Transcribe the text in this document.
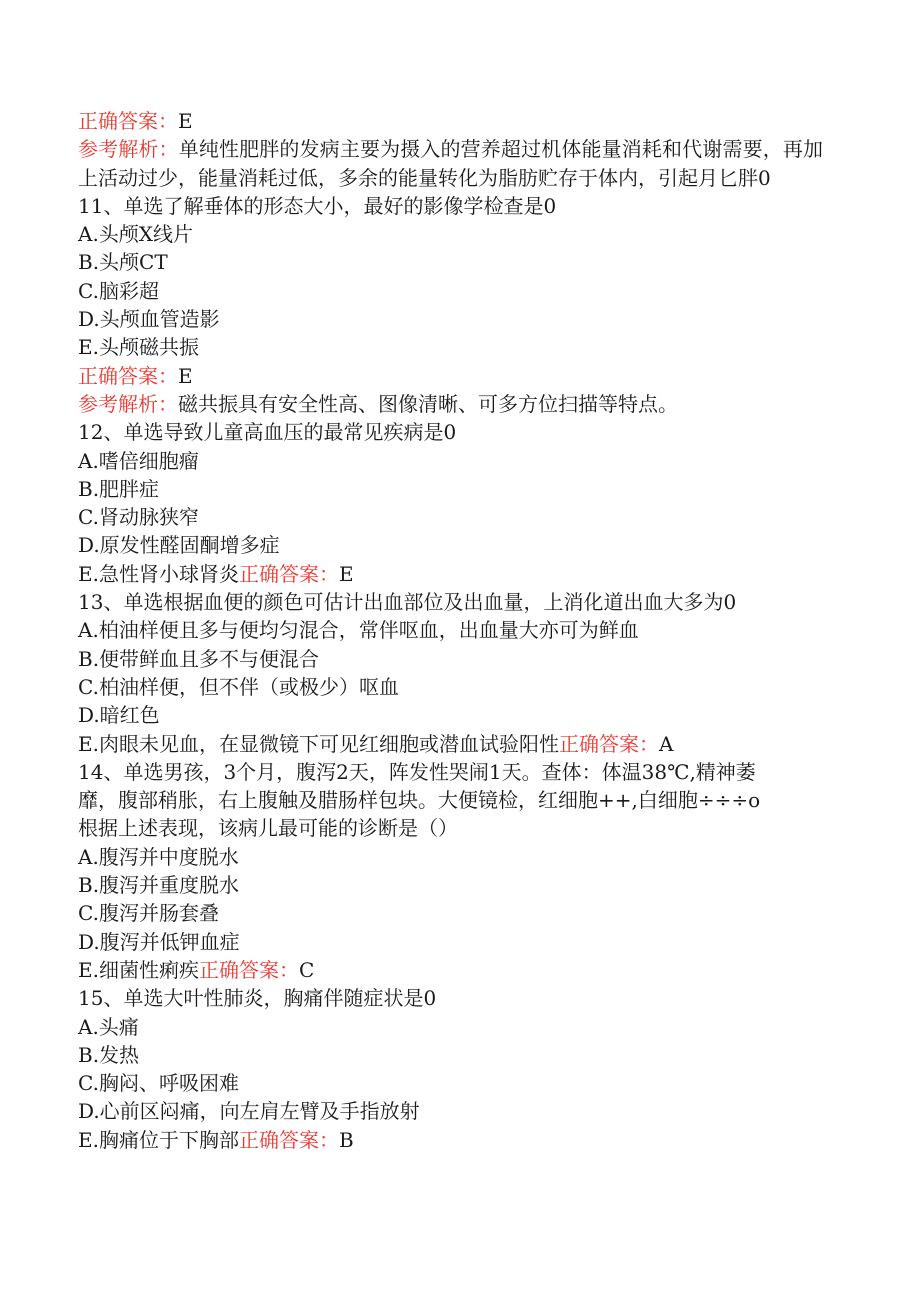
正确答案：E
参考解析：单纯性肥胖的发病主要为摄入的营养超过机体能量消耗和代谢需要，再加上活动过少，能量消耗过低，多余的能量转化为脂肪贮存于体内，引起月匕胖0
11、单选了解垂体的形态大小，最好的影像学检查是0
A.头颅X线片
B.头颅CT
C.脑彩超
D.头颅血管造影
E.头颅磁共振
正确答案：E
参考解析：磁共振具有安全性高、图像清晰、可多方位扫描等特点。
12、单选导致儿童高血压的最常见疾病是0
A.嗜倍细胞瘤
B.肥胖症
C.肾动脉狭窄
D.原发性醛固酮增多症
E.急性肾小球肾炎正确答案：E
13、单选根据血便的颜色可估计出血部位及出血量，上消化道出血大多为0
A.柏油样便且多与便均匀混合，常伴呕血，出血量大亦可为鲜血
B.便带鲜血且多不与便混合
C.柏油样便，但不伴（或极少）呕血
D.暗红色
E.肉眼未见血，在显微镜下可见红细胞或潜血试验阳性正确答案：A
14、单选男孩，3个月，腹泻2天，阵发性哭闹1天。查体：体温38℃,精神萎
靡，腹部稍胀，右上腹触及腊肠样包块。大便镜检，红细胞++,白细胞÷÷÷o
根据上述表现，该病儿最可能的诊断是（）
A.腹泻并中度脱水
B.腹泻并重度脱水
C.腹泻并肠套叠
D.腹泻并低钾血症
E.细菌性痢疾正确答案：C
15、单选大叶性肺炎，胸痛伴随症状是0
A.头痛
B.发热
C.胸闷、呼吸困难
D.心前区闷痛，向左肩左臂及手指放射
E.胸痛位于下胸部正确答案：B
